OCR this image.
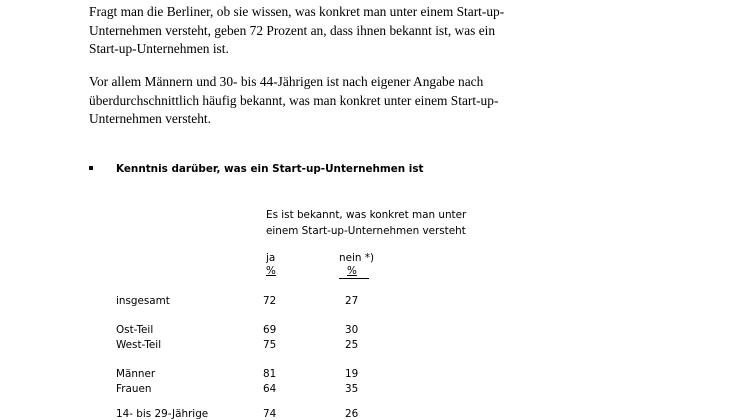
Fragt man die Berliner, ob sie wissen, was konkret man unter einem Start-up-
Unternehmen versteht, geben 72 Prozent an, dass ihnen bekannt ist, was ein
Start-up-Unternehmen ist.
Vor allem Männern und 30- bis 44-Jährigen ist nach eigener Angabe nach
überdurchschnittlich häufig bekannt, was man konkret unter einem Start-up-
Unternehmen versteht.
Kenntnis darüber, was ein Start-up-Unternehmen ist
Es ist bekannt, was konkret man unter
einem Start-up-Unternehmen versteht
ja	nein *)
%	%
insgesamt	72	27
Ost-Teil	69	30
West-Teil	75	25
Männer	81	19
Frauen	64	35
14- bis 29-Jährige	74	26
